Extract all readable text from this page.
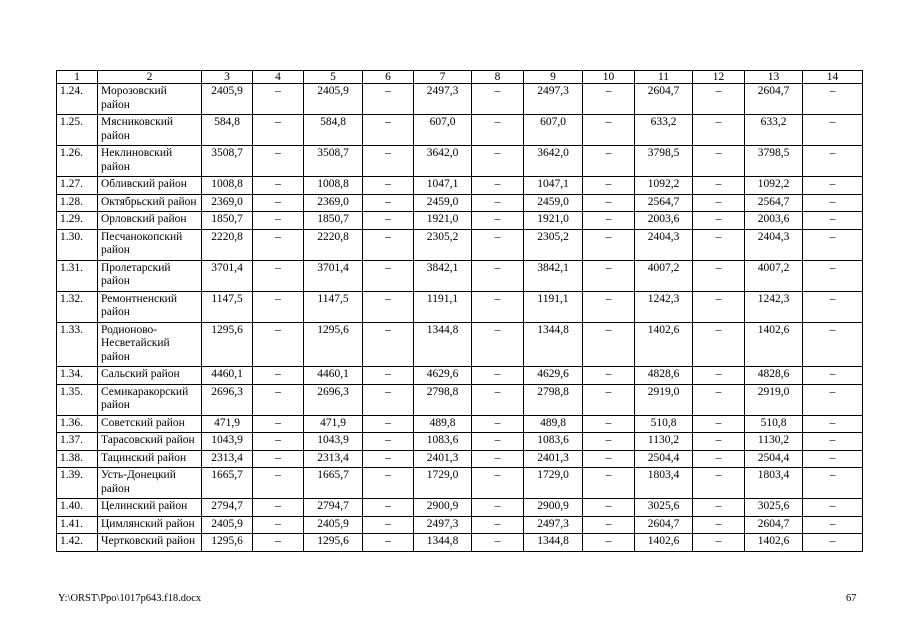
1	2	3	4	5	6	7	8	9	10	11	12	13	14
1.24.	Морозовский район	2405,9	–	2405,9	–	2497,3	–	2497,3	–	2604,7	–	2604,7	–
1.25.	Мясниковский район	584,8	–	584,8	–	607,0	–	607,0	–	633,2	–	633,2	–
1.26.	Неклиновский район	3508,7	–	3508,7	–	3642,0	–	3642,0	–	3798,5	–	3798,5	–
1.27.	Обливский район	1008,8	–	1008,8	–	1047,1	–	1047,1	–	1092,2	–	1092,2	–
1.28.	Октябрьский район	2369,0	–	2369,0	–	2459,0	–	2459,0	–	2564,7	–	2564,7	–
1.29.	Орловский район	1850,7	–	1850,7	–	1921,0	–	1921,0	–	2003,6	–	2003,6	–
1.30.	Песчанокопский район	2220,8	–	2220,8	–	2305,2	–	2305,2	–	2404,3	–	2404,3	–
1.31.	Пролетарский район	3701,4	–	3701,4	–	3842,1	–	3842,1	–	4007,2	–	4007,2	–
1.32.	Ремонтненский район	1147,5	–	1147,5	–	1191,1	–	1191,1	–	1242,3	–	1242,3	–
1.33.	Родионово-Несветайский район	1295,6	–	1295,6	–	1344,8	–	1344,8	–	1402,6	–	1402,6	–
1.34.	Сальский район	4460,1	–	4460,1	–	4629,6	–	4629,6	–	4828,6	–	4828,6	–
1.35.	Семикаракорский район	2696,3	–	2696,3	–	2798,8	–	2798,8	–	2919,0	–	2919,0	–
1.36.	Советский район	471,9	–	471,9	–	489,8	–	489,8	–	510,8	–	510,8	–
1.37.	Тарасовский район	1043,9	–	1043,9	–	1083,6	–	1083,6	–	1130,2	–	1130,2	–
1.38.	Тацинский район	2313,4	–	2313,4	–	2401,3	–	2401,3	–	2504,4	–	2504,4	–
1.39.	Усть-Донецкий район	1665,7	–	1665,7	–	1729,0	–	1729,0	–	1803,4	–	1803,4	–
1.40.	Целинский район	2794,7	–	2794,7	–	2900,9	–	2900,9	–	3025,6	–	3025,6	–
1.41.	Цимлянский район	2405,9	–	2405,9	–	2497,3	–	2497,3	–	2604,7	–	2604,7	–
1.42.	Чертковский район	1295,6	–	1295,6	–	1344,8	–	1344,8	–	1402,6	–	1402,6	–
Y:\ORST\Ppo\1017p643.f18.docx	67
